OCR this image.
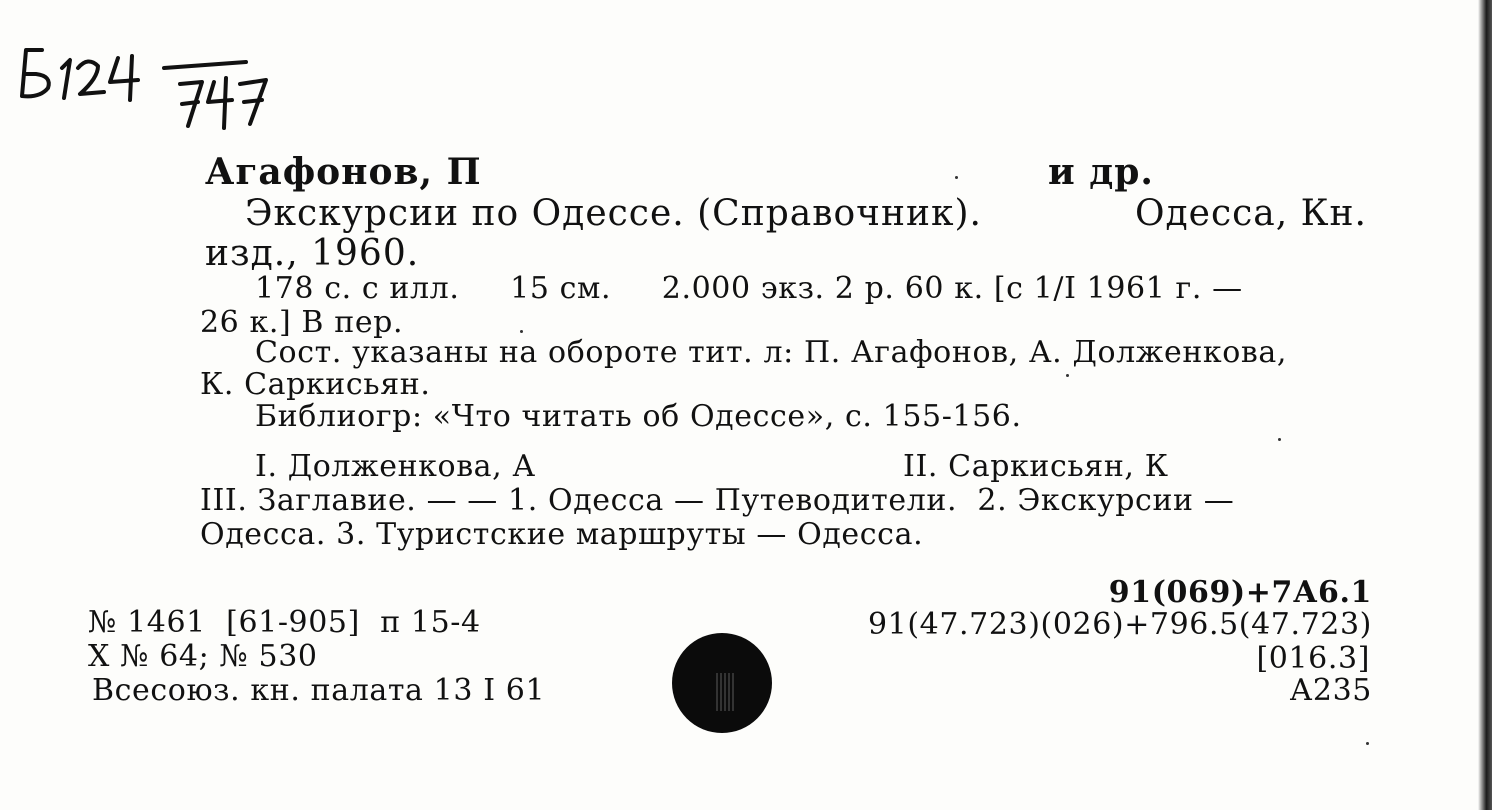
Агафонов, П	и др.
Экскурсии по Одессе. (Справочник).	Одесса, Кн.
изд., 1960.
178 с. с илл.     15 см.     2.000 экз. 2 р. 60 к. [с 1/I 1961 г. —
26 к.] В пер.
Сост. указаны на обороте тит. л: П. Агафонов, А. Долженкова,
К. Саркисьян.
Библиогр: «Что читать об Одессе», с. 155-156.
I. Долженкова, А	II. Саркисьян, К
III. Заглавие. — — 1. Одесса — Путеводители.  2. Экскурсии —
Одесса. 3. Туристские маршруты — Одесса.
91(069)+7А6.1
91(47.723)(026)+796.5(47.723)
[016.3]
А235
№ 1461  [61-905]  п 15-4
Х № 64; № 530
Всесоюз. кн. палата 13 I 61
